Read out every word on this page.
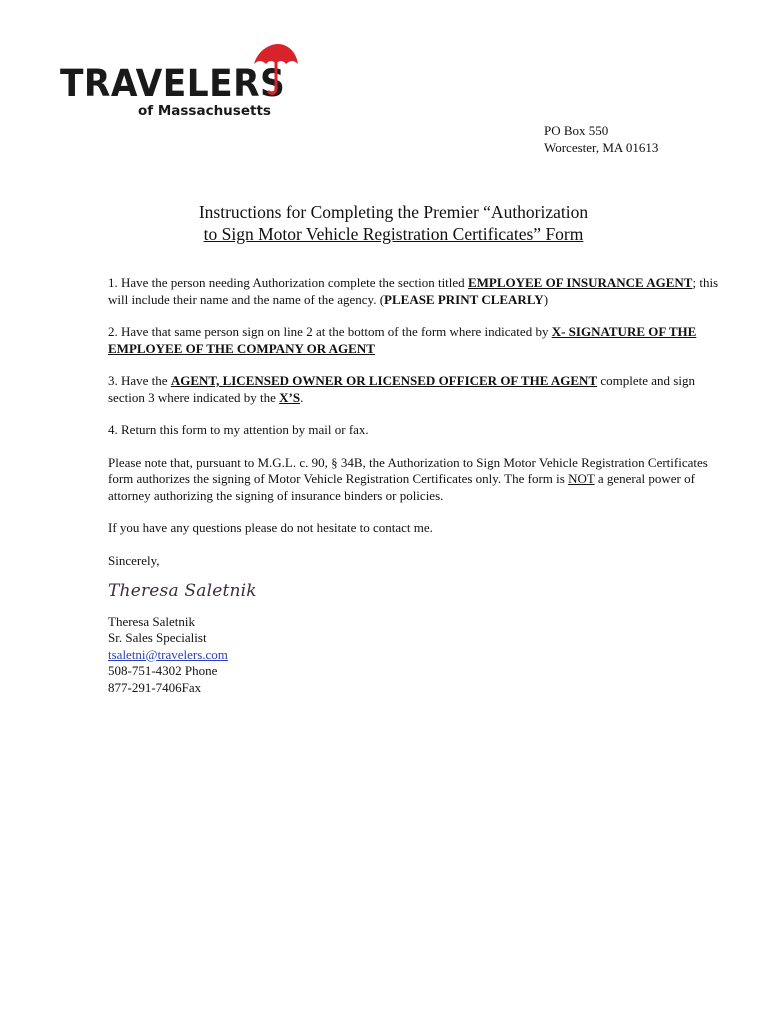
TRAVELERS
of Massachusetts
PO Box 550
Worcester, MA 01613
Instructions for Completing the Premier “Authorization
to Sign Motor Vehicle Registration Certificates” Form

1. Have the person needing Authorization complete the section titled EMPLOYEE OF INSURANCE AGENT; this will include their name and the name of the agency. (PLEASE PRINT CLEARLY)

2. Have that same person sign on line 2 at the bottom of the form where indicated by X- SIGNATURE OF THE EMPLOYEE OF THE COMPANY OR AGENT

3. Have the AGENT, LICENSED OWNER OR LICENSED OFFICER OF THE AGENT complete and sign section 3 where indicated by the X’S.

4. Return this form to my attention by mail or fax.

Please note that, pursuant to M.G.L. c. 90, § 34B, the Authorization to Sign Motor Vehicle Registration Certificates form authorizes the signing of Motor Vehicle Registration Certificates only. The form is NOT a general power of attorney authorizing the signing of insurance binders or policies.

If you have any questions please do not hesitate to contact me.

Sincerely,

Theresa Saletnik
Theresa Saletnik
Sr. Sales Specialist
tsaletni@travelers.com
508-751-4302 Phone
877-291-7406Fax
